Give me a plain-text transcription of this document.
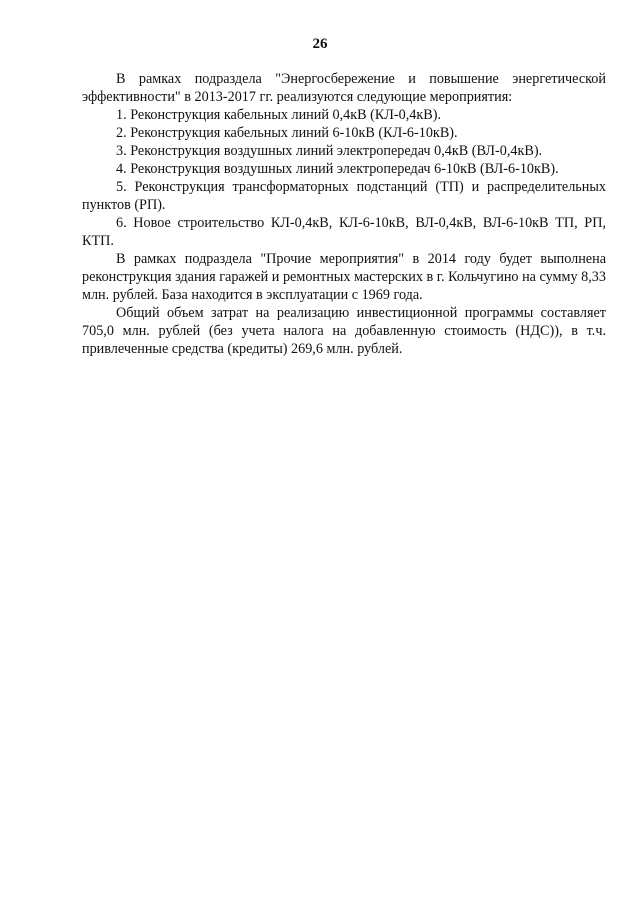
26

В рамках подраздела "Энергосбережение и повышение энергетической эффективности" в 2013-2017 гг. реализуются следующие мероприятия:

1. Реконструкция кабельных линий 0,4кВ (КЛ-0,4кВ).

2. Реконструкция кабельных линий 6-10кВ (КЛ-6-10кВ).

3. Реконструкция воздушных линий электропередач 0,4кВ (ВЛ-0,4кВ).

4. Реконструкция воздушных линий электропередач 6-10кВ (ВЛ-6-10кВ).

5. Реконструкция трансформаторных подстанций (ТП) и распределительных пунктов (РП).

6. Новое строительство КЛ-0,4кВ, КЛ-6-10кВ, ВЛ-0,4кВ, ВЛ-6-10кВ ТП, РП, КТП.

В рамках подраздела "Прочие мероприятия" в 2014 году будет выполнена реконструкция здания гаражей и ремонтных мастерских в г. Кольчугино на сумму 8,33 млн. рублей. База находится в эксплуатации с 1969 года.

Общий объем затрат на реализацию инвестиционной программы составляет 705,0 млн. рублей (без учета налога на добавленную стоимость (НДС)), в т.ч. привлеченные средства (кредиты) 269,6 млн. рублей.
